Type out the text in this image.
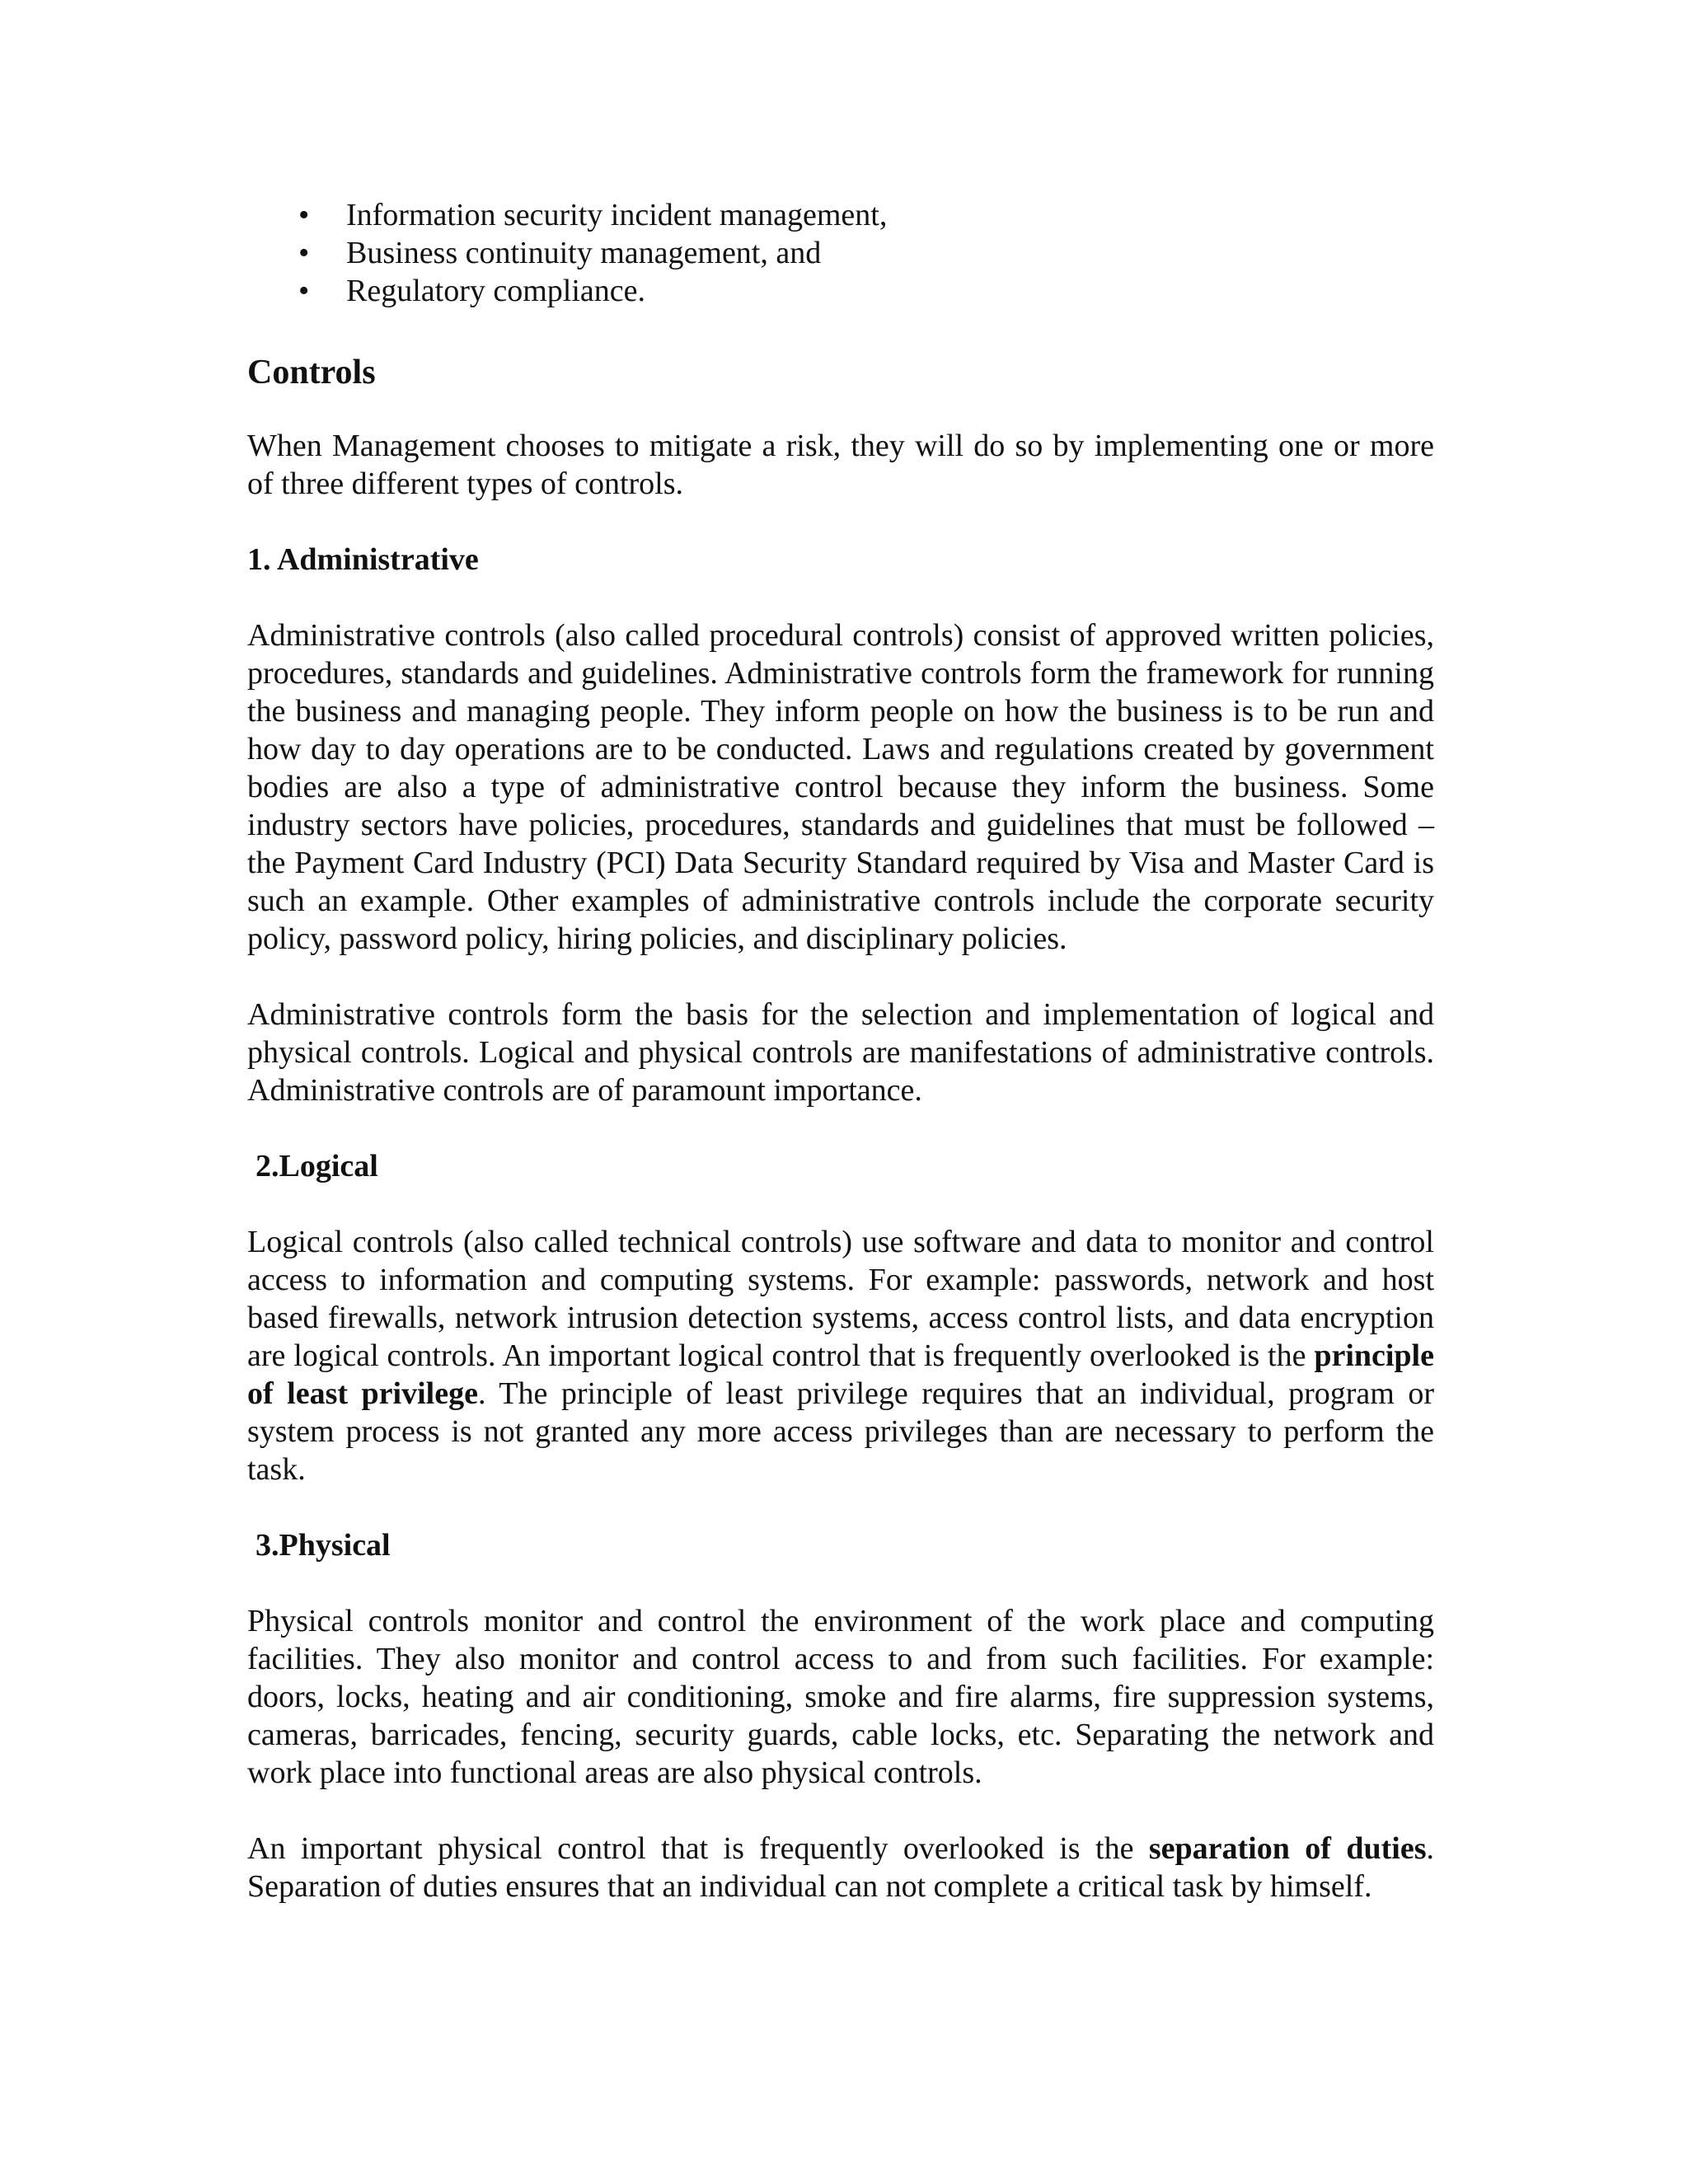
• Information security incident management,
• Business continuity management, and
• Regulatory compliance.
Controls

When Management chooses to mitigate a risk, they will do so by implementing one or more of three different types of controls.

1. Administrative

Administrative controls (also called procedural controls) consist of approved written policies, procedures, standards and guidelines. Administrative controls form the framework for running the business and managing people. They inform people on how the business is to be run and how day to day operations are to be conducted. Laws and regulations created by government bodies are also a type of administrative control because they inform the business. Some industry sectors have policies, procedures, standards and guidelines that must be followed – the Payment Card Industry (PCI) Data Security Standard required by Visa and Master Card is such an example. Other examples of administrative controls include the corporate security policy, password policy, hiring policies, and disciplinary policies.

Administrative controls form the basis for the selection and implementation of logical and physical controls. Logical and physical controls are manifestations of administrative controls. Administrative controls are of paramount importance.

2.Logical

Logical controls (also called technical controls) use software and data to monitor and control access to information and computing systems. For example: passwords, network and host based firewalls, network intrusion detection systems, access control lists, and data encryption are logical controls. An important logical control that is frequently overlooked is the principle of least privilege. The principle of least privilege requires that an individual, program or system process is not granted any more access privileges than are necessary to perform the task.

3.Physical

Physical controls monitor and control the environment of the work place and computing facilities. They also monitor and control access to and from such facilities. For example: doors, locks, heating and air conditioning, smoke and fire alarms, fire suppression systems, cameras, barricades, fencing, security guards, cable locks, etc. Separating the network and work place into functional areas are also physical controls.

An important physical control that is frequently overlooked is the separation of duties. Separation of duties ensures that an individual can not complete a critical task by himself.
